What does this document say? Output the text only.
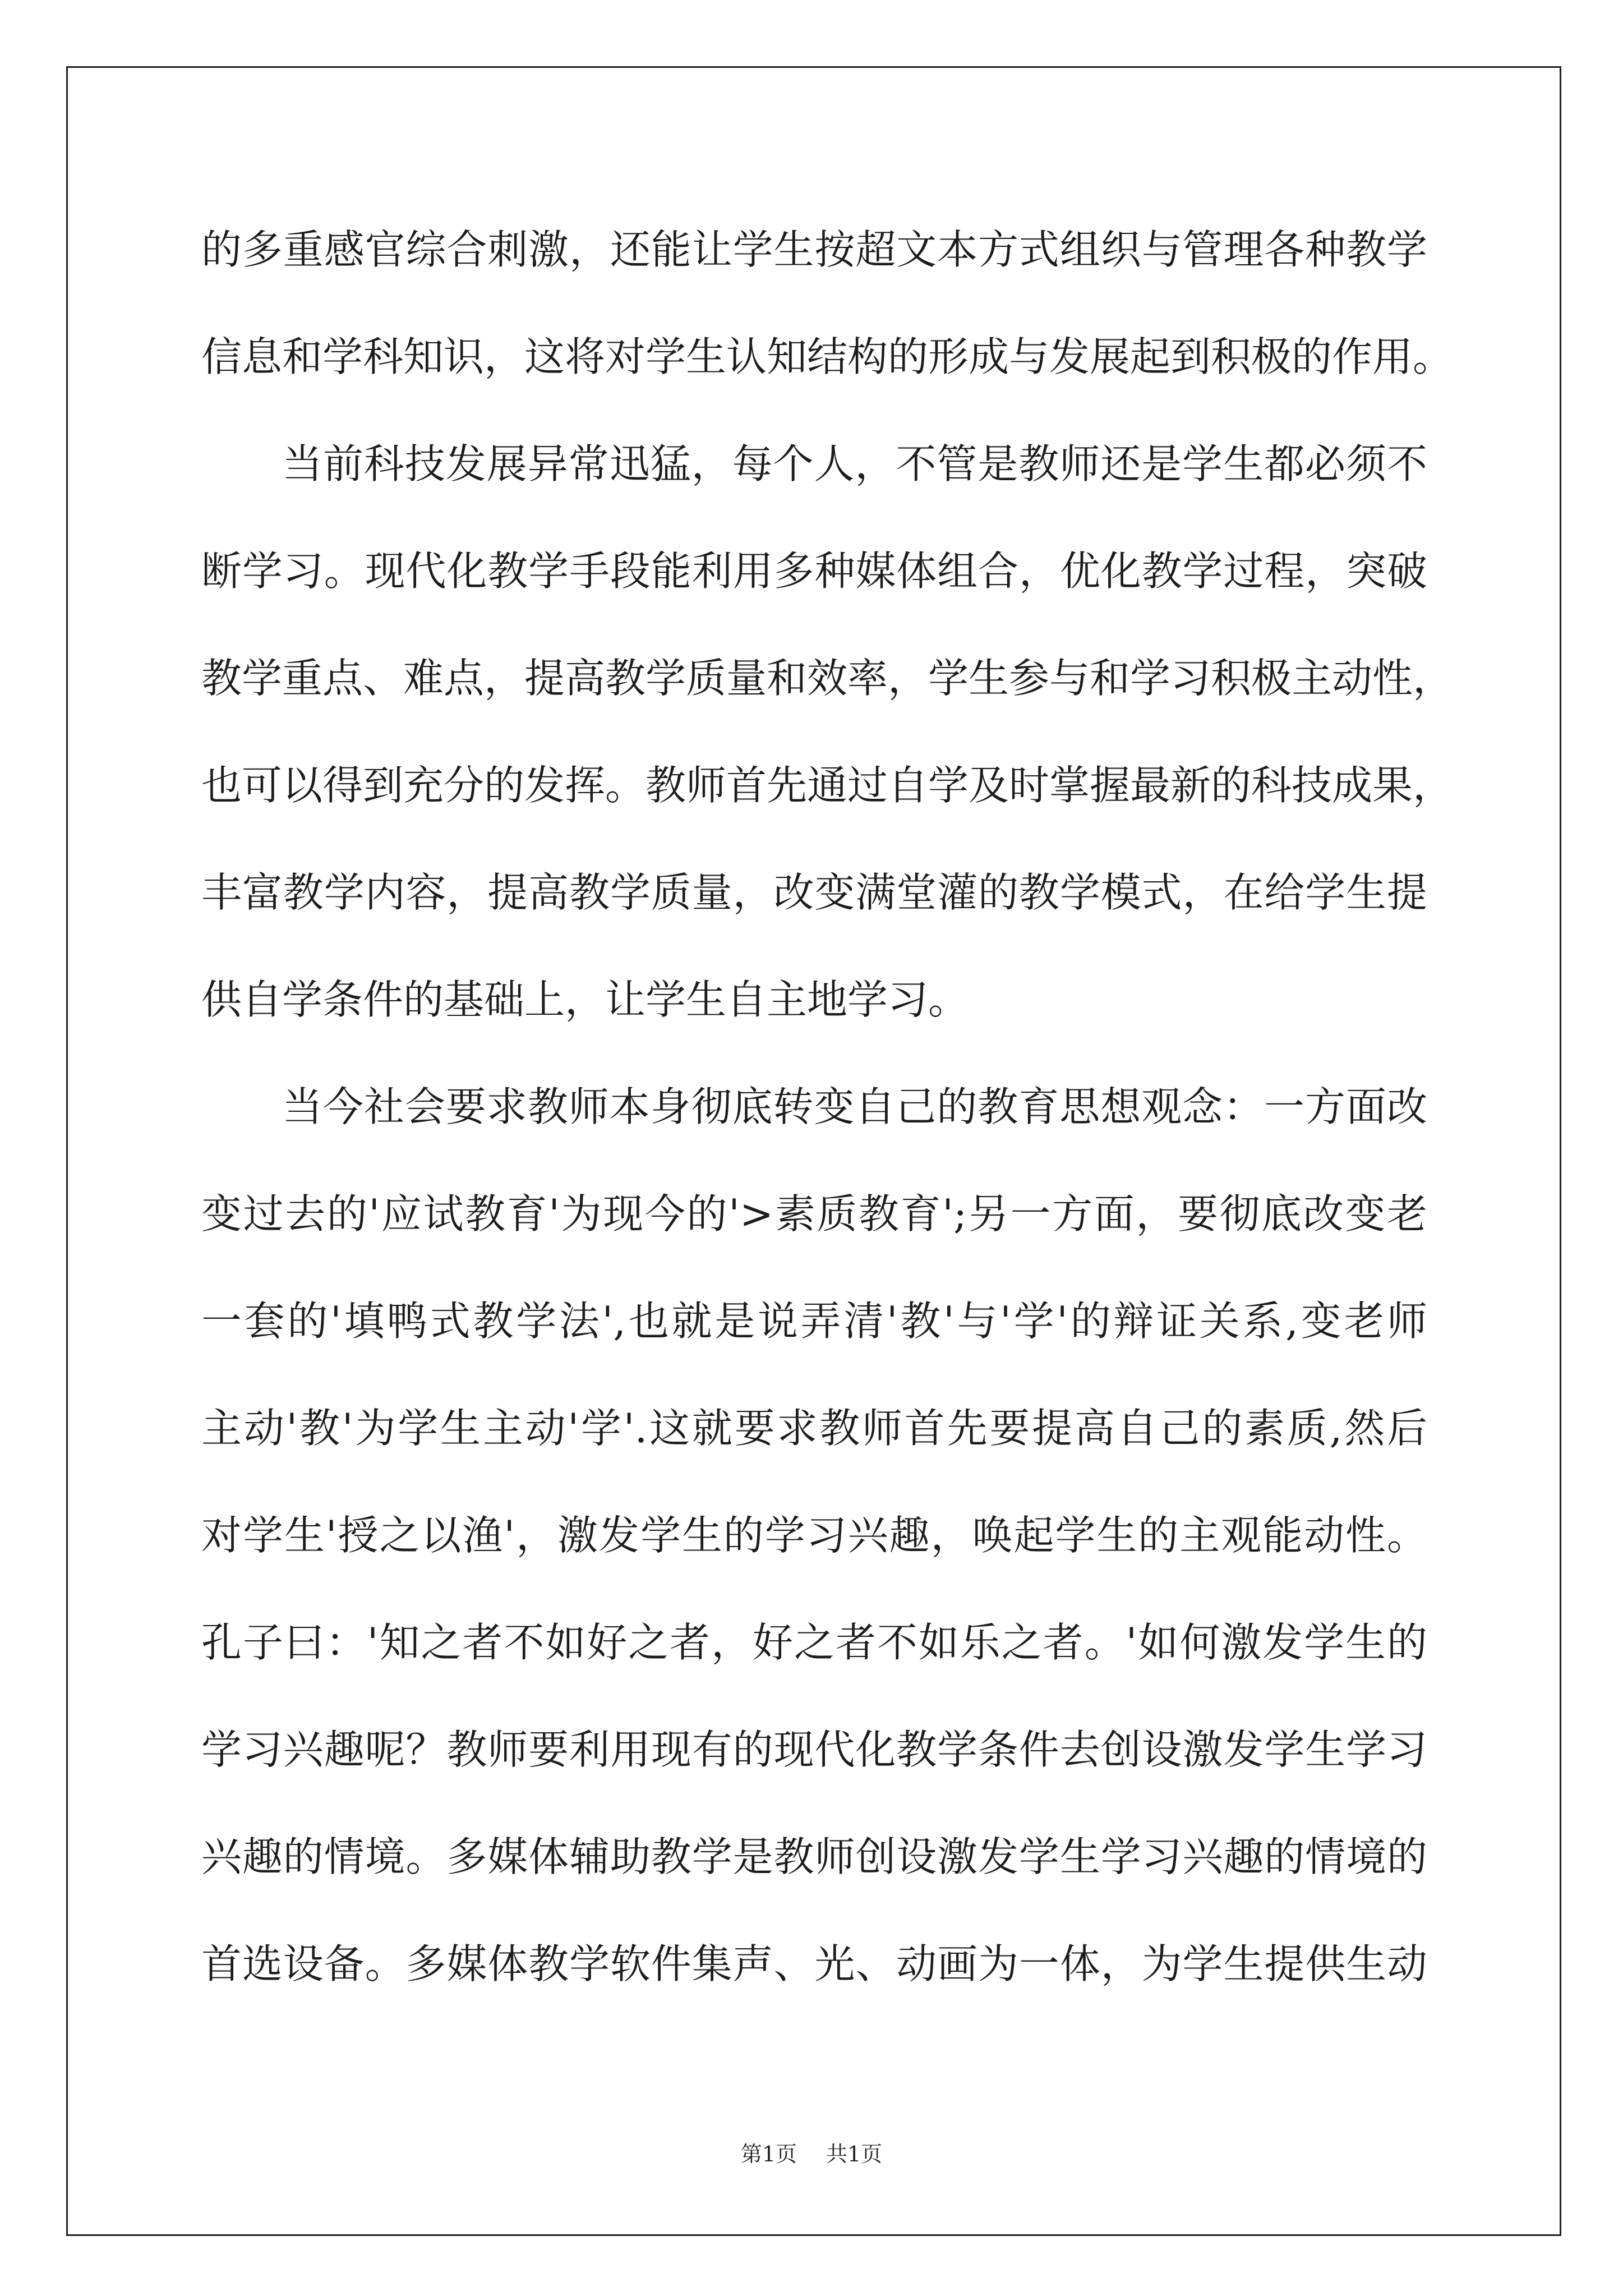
的多重感官综合刺激，还能让学生按超文本方式组织与管理各种教学
信息和学科知识，这将对学生认知结构的形成与发展起到积极的作用。
当前科技发展异常迅猛，每个人，不管是教师还是学生都必须不
断学习。现代化教学手段能利用多种媒体组合，优化教学过程，突破
教学重点、难点，提高教学质量和效率，学生参与和学习积极主动性，
也可以得到充分的发挥。教师首先通过自学及时掌握最新的科技成果，
丰富教学内容，提高教学质量，改变满堂灌的教学模式，在给学生提
供自学条件的基础上，让学生自主地学习。
当今社会要求教师本身彻底转变自己的教育思想观念：一方面改
变过去的'应试教育'为现今的'>素质教育';另一方面，要彻底改变老
一套的'填鸭式教学法',也就是说弄清'教'与'学'的辩证关系,变老师
主动'教'为学生主动'学'.这就要求教师首先要提高自己的素质,然后
对学生'授之以渔'，激发学生的学习兴趣，唤起学生的主观能动性。
孔子曰：'知之者不如好之者，好之者不如乐之者。'如何激发学生的
学习兴趣呢？教师要利用现有的现代化教学条件去创设激发学生学习
兴趣的情境。多媒体辅助教学是教师创设激发学生学习兴趣的情境的
首选设备。多媒体教学软件集声、光、动画为一体，为学生提供生动
第1页 共1页
